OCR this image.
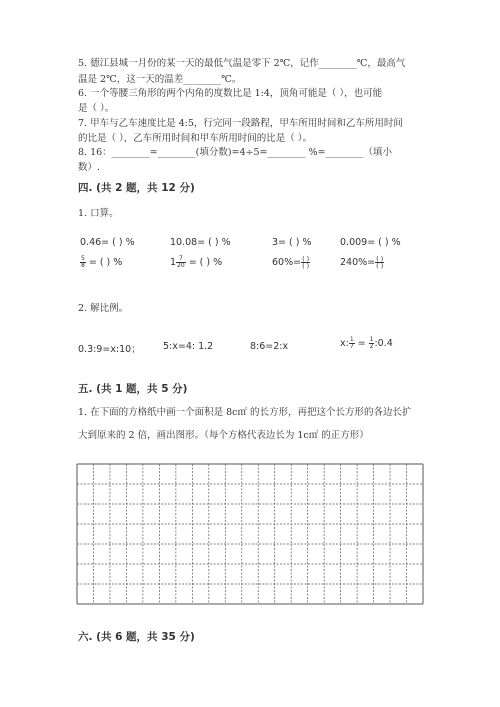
5. 德江县城一月份的某一天的最低气温是零下 2℃，记作________℃，最高气
温是 2℃，这一天的温差________℃。
6. 一个等腰三角形的两个内角的度数比是 1:4，顶角可能是（ ），也可能
是（ ）。
7. 甲车与乙车速度比是 4:5，行完同一段路程，甲车所用时间和乙车所用时间
的比是（ ），乙车所用时间和甲车所用时间的比是（ ）。
8. 16：________=________(填分数)=4÷5=________ %=________（填小
数）.
四. (共 2 题，共 12 分)
1. 口算。
0.46= ( ) %	10.08= ( ) %	3= ( ) %	0.009= ( ) %
$\frac{5}{8}$ = ( ) %	$1 \frac{7}{20}$ = ( ) %	$60\%= \frac{( )}{( )}$	$240\%= \frac{( )}{( )}$
2. 解比例。
0.3:9=x:10； 5:x=4: 1.2	8:6=2:x	x: $\frac{1}{7} = \frac{1}{2}$ :0.4
五. (共 1 题，共 5 分)
1. 在下面的方格纸中画一个面积是 8c㎡ 的长方形，再把这个长方形的各边长扩
大到原来的 2 倍，画出图形。（每个方格代表边长为 1c㎡ 的正方形）
六. (共 6 题，共 35 分)
